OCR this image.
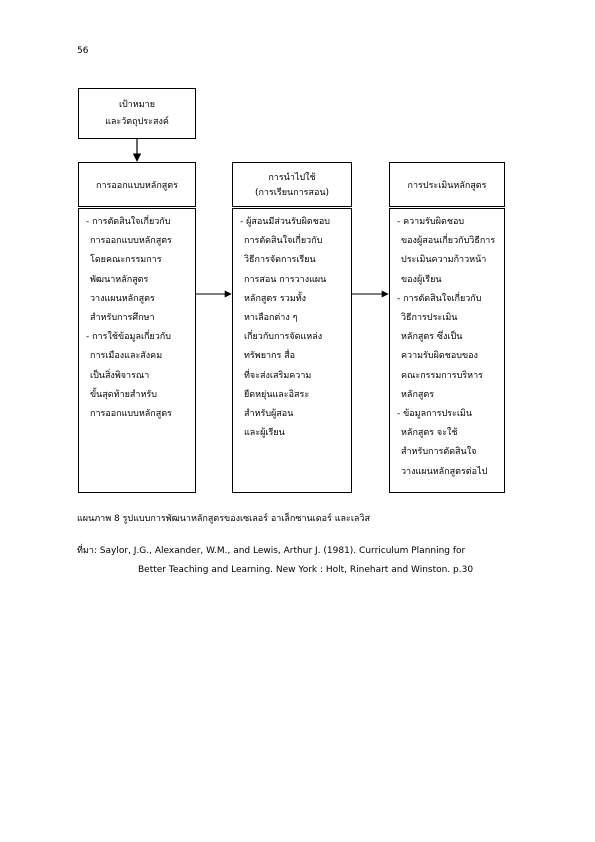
56
เป้าหมาย
และวัตถุประสงค์
การออกแบบหลักสูตร
การนำไปใช้
(การเรียนการสอน)
การประเมินหลักสูตร
- การตัดสินใจเกี่ยวกับ
การออกแบบหลักสูตร
โดยคณะกรรมการ
พัฒนาหลักสูตร
วางแผนหลักสูตร
สำหรับการศึกษา
- การใช้ข้อมูลเกี่ยวกับ
การเมืองและสังคม
เป็นสิ่งพิจารณา
ขั้นสุดท้ายสำหรับ
การออกแบบหลักสูตร
- ผู้สอนมีส่วนรับผิดชอบ
การตัดสินใจเกี่ยวกับ
วิธีการจัดการเรียน
การสอน การวางแผน
หลักสูตร รวมทั้ง
หาเลือกต่าง ๆ
เกี่ยวกับการจัดแหล่ง
ทรัพยากร สื่อ
ที่จะส่งเสริมความ
ยืดหยุ่นและอิสระ
สำหรับผู้สอน
และผู้เรียน
- ความรับผิดชอบ
ของผู้สอนเกี่ยวกับวิธีการ
ประเมินความก้าวหน้า
ของผู้เรียน
- การตัดสินใจเกี่ยวกับ
วิธีการประเมิน
หลักสูตร ซึ่งเป็น
ความรับผิดชอบของ
คณะกรรมการบริหาร
หลักสูตร
- ข้อมูลการประเมิน
หลักสูตร จะใช้
สำหรับการตัดสินใจ
วางแผนหลักสูตรต่อไป
แผนภาพ 8 รูปแบบการพัฒนาหลักสูตรของเซเลอร์ อาเล็กซานเดอร์ และเลวิส
ที่มา: Saylor, J.G., Alexander, W.M., and Lewis, Arthur J. (1981). Curriculum Planning for
Better Teaching and Learning. New York : Holt, Rinehart and Winston. p.30
